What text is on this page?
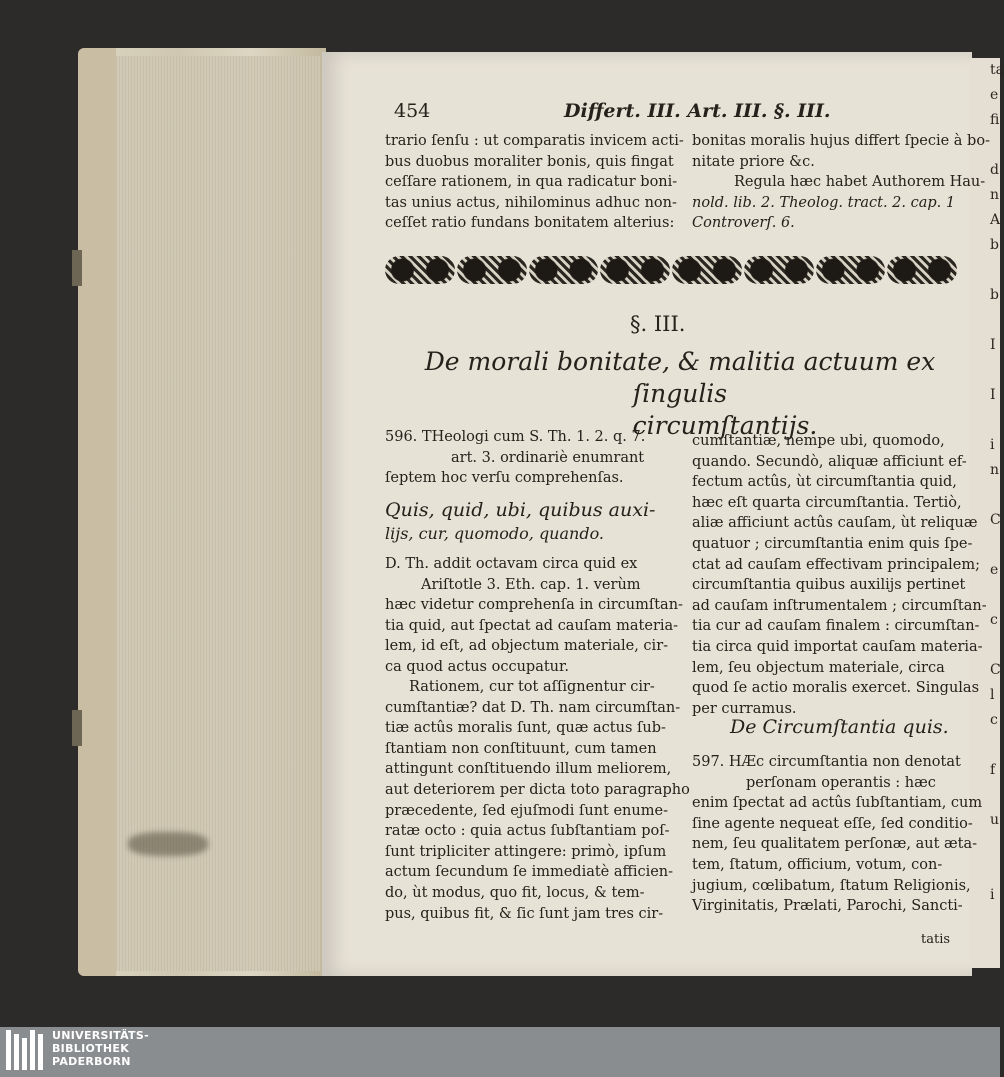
ta
e
fi
d
n
A
b
b
I
I
i
n
C
e
c
C
l
c
f
u
i
454	Differt. III. Art. III. §. III.
trario ſenſu : ut comparatis invicem acti-
bus duobus moraliter bonis, quis fingat
ceſſare rationem, in qua radicatur boni-
tas unius actus, nihilominus adhuc non-
ceſſet ratio fundans bonitatem alterius:
bonitas moralis hujus differt ſpecie à bo-
nitate priore &c.
Regula hæc habet Authorem Hau-
nold. lib. 2. Theolog. tract. 2. cap. 1
Controverſ. 6.
§. III.
De morali bonitate, & malitia actuum ex ſingulis
circumſtantijs.
596. THeologi cum S. Th. 1. 2. q. 7.
art. 3. ordinariè enumrant
ſeptem hoc verſu comprehenſas.
Quis, quid, ubi, quibus auxi-
lijs, cur, quomodo, quando.
D. Th. addit octavam circa quid ex
Ariſtotle 3. Eth. cap. 1. verùm
hæc videtur comprehenſa in circumſtan-
tia quid, aut ſpectat ad cauſam materia-
lem, id eſt, ad objectum materiale, cir-
ca quod actus occupatur.
Rationem, cur tot aſſignentur cir-
cumſtantiæ? dat D. Th. nam circumſtan-
tiæ actûs moralis ſunt, quæ actus ſub-
ſtantiam non conſtituunt, cum tamen
attingunt conſtituendo illum meliorem,
aut deteriorem per dicta toto paragrapho
præcedente, ſed ejuſmodi ſunt enume-
ratæ octo : quia actus ſubſtantiam poſ-
ſunt tripliciter attingere: primò, ipſum
actum ſecundum ſe immediatè afficien-
do, ùt modus, quo fit, locus, & tem-
pus, quibus fit, & ſic ſunt jam tres cir-
cumſtantiæ, nempe ubi, quomodo,
quando. Secundò, aliquæ afficiunt ef-
fectum actûs, ùt circumſtantia quid,
hæc eſt quarta circumſtantia. Tertiò,
aliæ afficiunt actûs cauſam, ùt reliquæ
quatuor ; circumſtantia enim quis ſpe-
ctat ad cauſam effectivam principalem;
circumſtantia quibus auxilijs pertinet
ad cauſam inſtrumentalem ; circumſtan-
tia cur ad cauſam finalem : circumſtan-
tia circa quid importat cauſam materia-
lem, ſeu objectum materiale, circa
quod ſe actio moralis exercet. Singulas
per curramus.
De Circumſtantia quis.
597. HÆc circumſtantia non denotat
perſonam operantis : hæc
enim ſpectat ad actûs ſubſtantiam, cum
ſine agente nequeat eſſe, ſed conditio-
nem, ſeu qualitatem perſonæ, aut æta-
tem, ſtatum, officium, votum, con-
jugium, cœlibatum, ſtatum Religionis,
Virginitatis, Prælati, Parochi, Sancti-
tatis
UNIVERSITÄTS-
BIBLIOTHEK
PADERBORN
